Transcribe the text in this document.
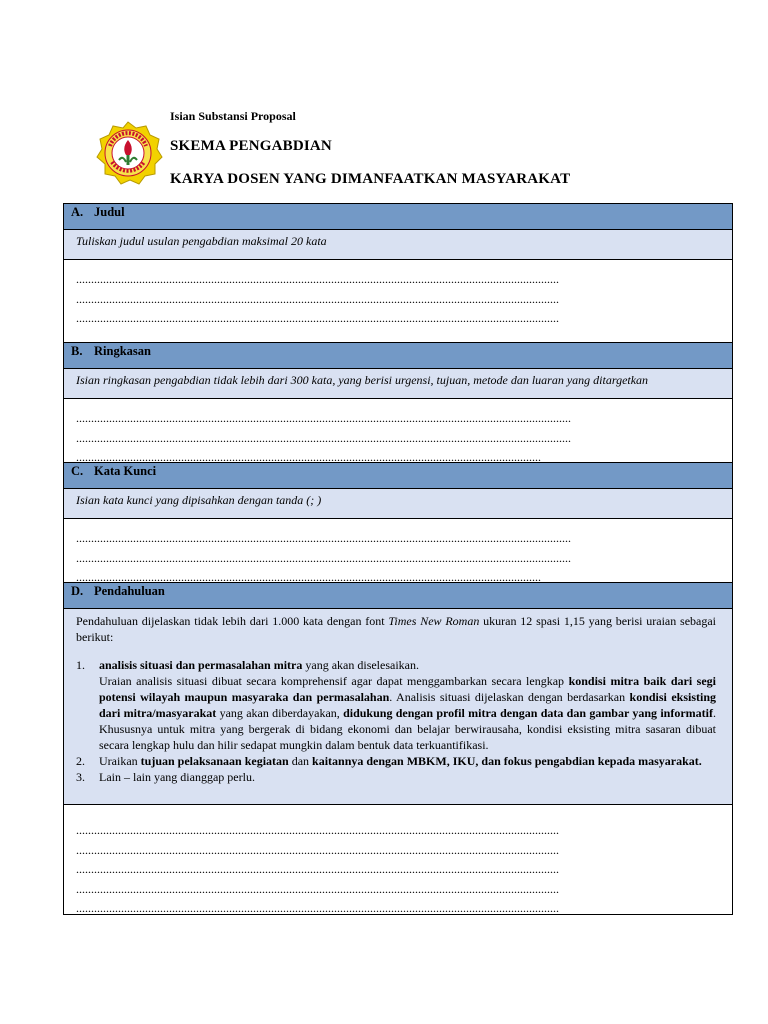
Isian Substansi Proposal
SKEMA PENGABDIAN
KARYA DOSEN YANG DIMANFAATKAN MASYARAKAT
A. Judul
Tuliskan judul usulan pengabdian maksimal 20 kata
.................................................................................................................................................................
.................................................................................................................................................................
.................................................................................................................................................................
B. Ringkasan
Isian ringkasan pengabdian tidak lebih dari 300 kata, yang berisi urgensi, tujuan, metode dan luaran yang ditargetkan
.....................................................................................................................................................................
.....................................................................................................................................................................
...........................................................................................................................................................
C. Kata Kunci
Isian kata kunci yang dipisahkan dengan tanda (; )
.....................................................................................................................................................................
.....................................................................................................................................................................
...........................................................................................................................................................
D. Pendahuluan

Pendahuluan dijelaskan tidak lebih dari 1.000 kata dengan font Times New Roman ukuran 12 spasi 1,15 yang berisi uraian sebagai berikut:

1. analisis situasi dan permasalahan mitra yang akan diselesaikan.
Uraian analisis situasi dibuat secara komprehensif agar dapat menggambarkan secara lengkap kondisi mitra baik dari segi potensi wilayah maupun masyaraka dan permasalahan. Analisis situasi dijelaskan dengan berdasarkan kondisi eksisting dari mitra/masyarakat yang akan diberdayakan, didukung dengan profil mitra dengan data dan gambar yang informatif. Khususnya untuk mitra yang bergerak di bidang ekonomi dan belajar berwirausaha, kondisi eksisting mitra sasaran dibuat secara lengkap hulu dan hilir sedapat mungkin dalam bentuk data terkuantifikasi.
2. Uraikan tujuan pelaksanaan kegiatan dan kaitannya dengan MBKM, IKU, dan fokus pengabdian kepada masyarakat.
3. Lain – lain yang dianggap perlu.
.................................................................................................................................................................
.................................................................................................................................................................
.................................................................................................................................................................
.................................................................................................................................................................
.................................................................................................................................................................
